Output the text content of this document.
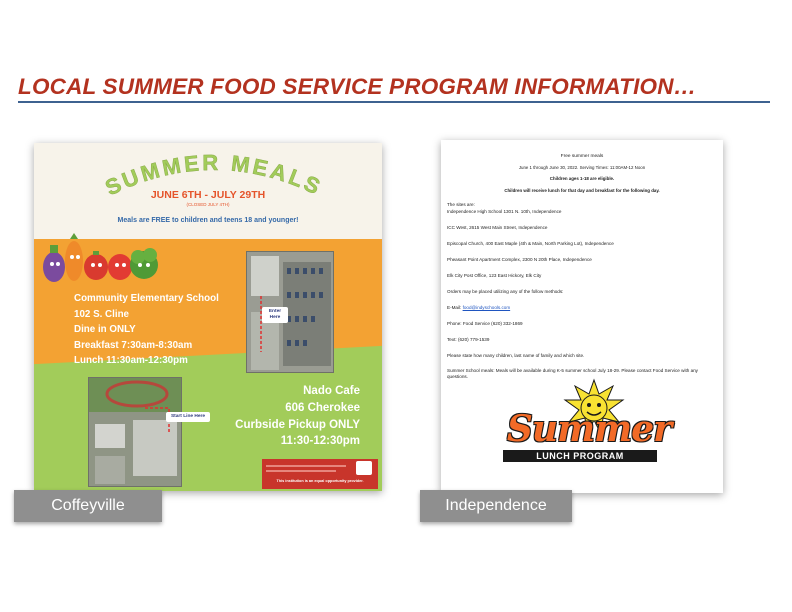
LOCAL SUMMER FOOD SERVICE PROGRAM INFORMATION…
SUMMER MEALS
JUNE 6TH - JULY 29TH
(CLOSED JULY 4TH)
Meals are FREE to children and teens 18 and younger!
Community Elementary School
102 S. Cline
Dine in ONLY
Breakfast 7:30am-8:30am
Lunch 11:30am-12:30pm
Enter Here
Start Line Here
Nado Cafe
606 Cherokee
Curbside Pickup ONLY
11:30-12:30pm
This institution is an equal opportunity provider.
Free summer meals
June 1 through June 30, 2022. Serving Times: 11:00AM-12 Noon
Children ages 1-18 are eligible.
Children will receive lunch for that day and breakfast for the following day.
The sites are:
Independence High School 1301 N. 10th, Independence
ICC West, 2615 West Main Street, Independence
Episcopal Church, 400 East Maple (4th & Main, North Parking Lot), Independence
Pheasant Point Apartment Complex, 2300 N 20th Place, Independence
Elk City Post Office, 123 East Hickory, Elk City
Orders may be placed utilizing any of the follow methods:
E-Mail: food@indyschools.com
Phone: Food Service (620) 332-1869
Text: (620) 779-1539
Please state how many children, last name of family and which site.
Summer School meals: Meals will be available during K-5 summer school July 18-29. Please contact Food Service with any questions.
Summer
LUNCH PROGRAM
Coffeyville	Independence
